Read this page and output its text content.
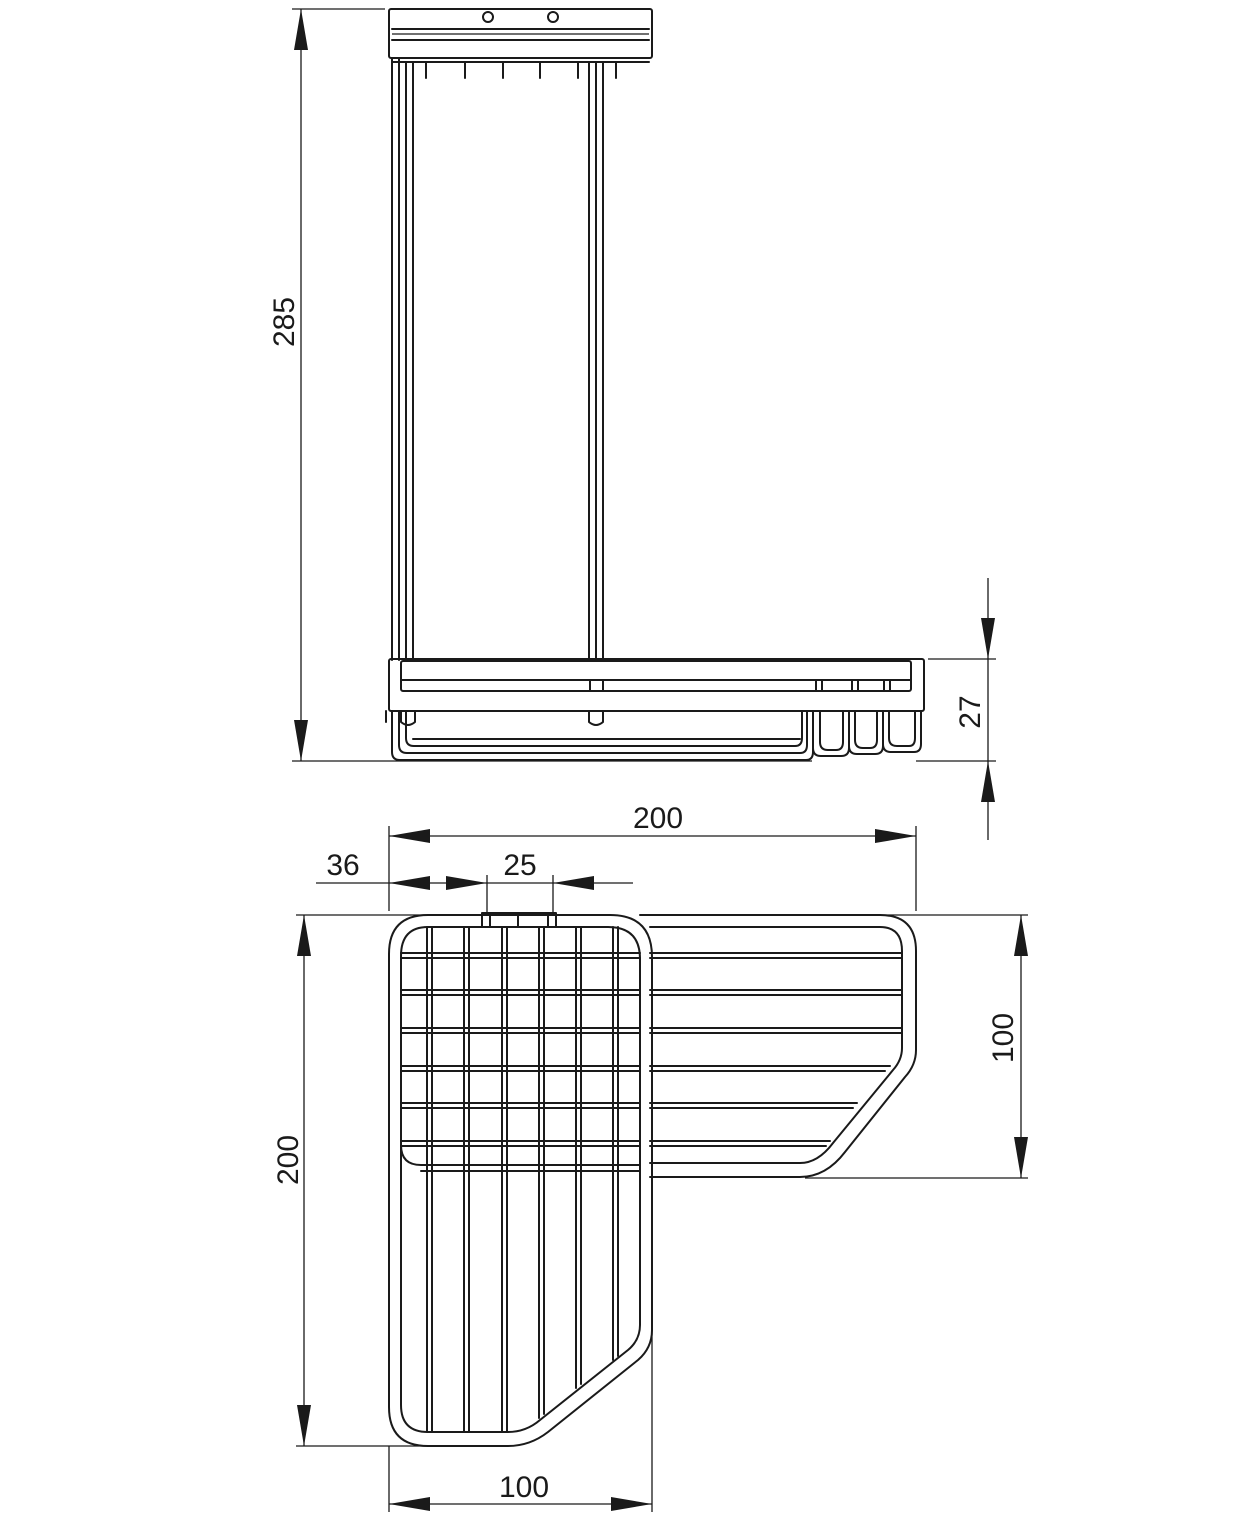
285
27
200
36	25
200
100
100
